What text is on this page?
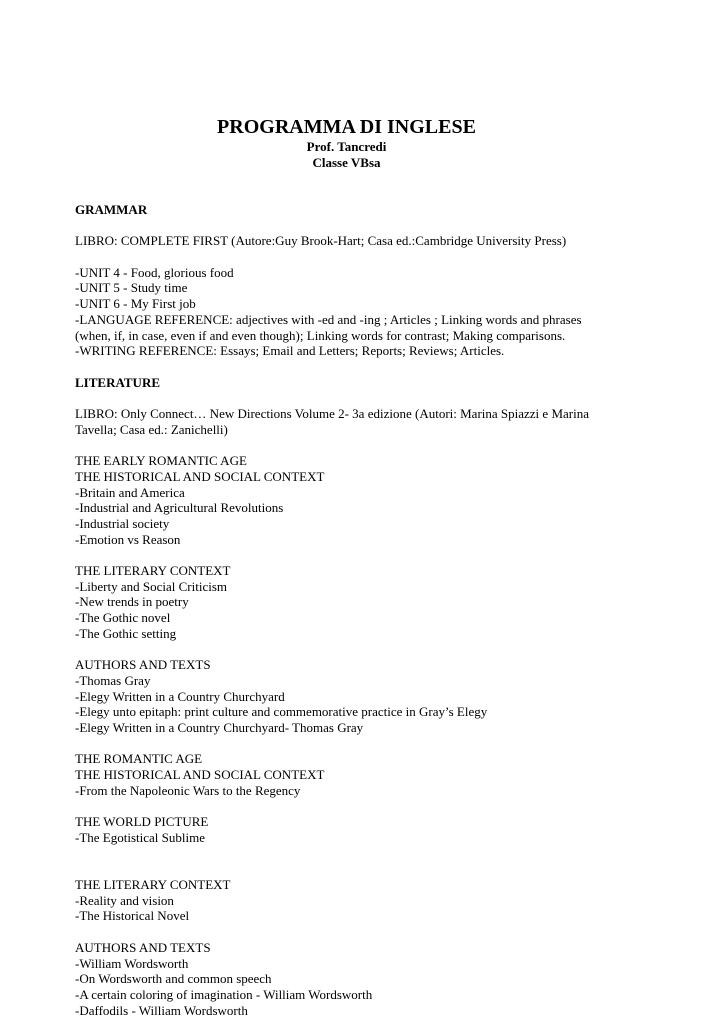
PROGRAMMA DI INGLESE
Prof. Tancredi
Classe VBsa
GRAMMAR
LIBRO: COMPLETE FIRST (Autore:Guy Brook-Hart; Casa ed.:Cambridge University Press)
-UNIT 4 - Food, glorious food
-UNIT 5 - Study time
-UNIT 6 - My First job
-LANGUAGE REFERENCE: adjectives with -ed and -ing ; Articles ; Linking words and phrases
(when, if, in case, even if and even though); Linking words for contrast; Making comparisons.
-WRITING REFERENCE: Essays; Email and Letters; Reports; Reviews; Articles.
LITERATURE
LIBRO: Only Connect… New Directions Volume 2- 3a edizione (Autori: Marina Spiazzi e Marina
Tavella; Casa ed.: Zanichelli)
THE EARLY ROMANTIC AGE
THE HISTORICAL AND SOCIAL CONTEXT
-Britain and America
-Industrial and Agricultural Revolutions
-Industrial society
-Emotion vs Reason
THE LITERARY CONTEXT
-Liberty and Social Criticism
-New trends in poetry
-The Gothic novel
-The Gothic setting
AUTHORS AND TEXTS
-Thomas Gray
-Elegy Written in a Country Churchyard
-Elegy unto epitaph: print culture and commemorative practice in Gray’s Elegy
-Elegy Written in a Country Churchyard- Thomas Gray
THE ROMANTIC AGE
THE HISTORICAL AND SOCIAL CONTEXT
-From the Napoleonic Wars to the Regency
THE WORLD PICTURE
-The Egotistical Sublime
THE LITERARY CONTEXT
-Reality and vision
-The Historical Novel
AUTHORS AND TEXTS
-William Wordsworth
-On Wordsworth and common speech
-A certain coloring of imagination - William Wordsworth
-Daffodils - William Wordsworth
